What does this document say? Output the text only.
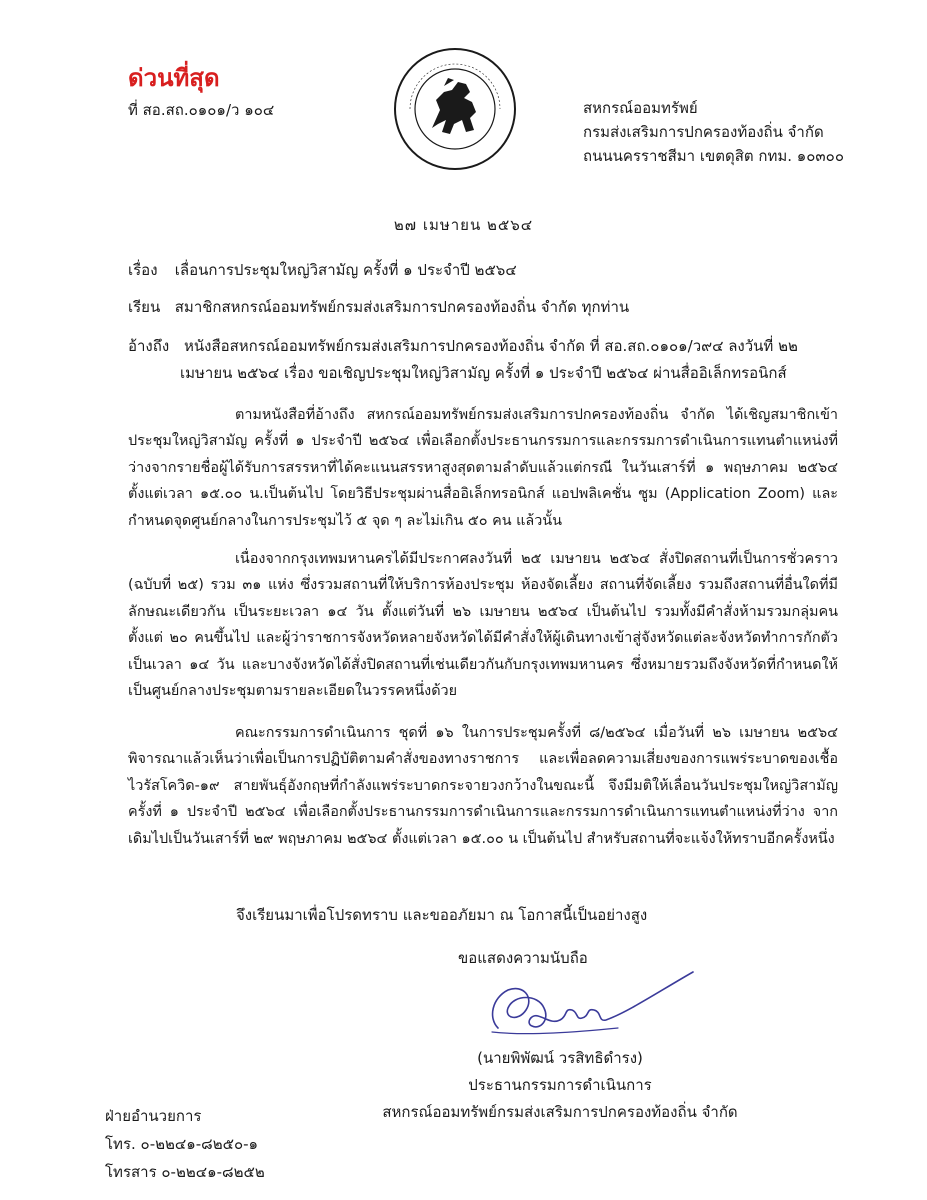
ด่วนที่สุด
ที่ สอ.สถ.๐๑๐๑/ว ๑๐๔	สหกรณ์ออมทรัพย์
กรมส่งเสริมการปกครองท้องถิ่น จำกัด
ถนนนครราชสีมา เขตดุสิต กทม. ๑๐๓๐๐
๒๗ เมษายน ๒๕๖๔
เรื่อง เลื่อนการประชุมใหญ่วิสามัญ ครั้งที่ ๑ ประจำปี ๒๕๖๔
เรียน สมาชิกสหกรณ์ออมทรัพย์กรมส่งเสริมการปกครองท้องถิ่น จำกัด ทุกท่าน
อ้างถึง หนังสือสหกรณ์ออมทรัพย์กรมส่งเสริมการปกครองท้องถิ่น จำกัด ที่ สอ.สถ.๐๑๐๑/ว๙๔ ลงวันที่ ๒๒
เมษายน ๒๕๖๔ เรื่อง ขอเชิญประชุมใหญ่วิสามัญ ครั้งที่ ๑ ประจำปี ๒๕๖๔ ผ่านสื่ออิเล็กทรอนิกส์

ตามหนังสือที่อ้างถึง สหกรณ์ออมทรัพย์กรมส่งเสริมการปกครองท้องถิ่น จำกัด ได้เชิญสมาชิกเข้าประชุมใหญ่วิสามัญ ครั้งที่ ๑ ประจำปี ๒๕๖๔ เพื่อเลือกตั้งประธานกรรมการและกรรมการดำเนินการแทนตำแหน่งที่ว่างจากรายชื่อผู้ได้รับการสรรหาที่ได้คะแนนสรรหาสูงสุดตามลำดับแล้วแต่กรณี ในวันเสาร์ที่ ๑ พฤษภาคม ๒๕๖๔ ตั้งแต่เวลา ๑๕.๐๐ น.เป็นต้นไป โดยวิธีประชุมผ่านสื่ออิเล็กทรอนิกส์ แอปพลิเคชั่น ซูม (Application Zoom) และกำหนดจุดศูนย์กลางในการประชุมไว้ ๕ จุด ๆ ละไม่เกิน ๕๐ คน แล้วนั้น

เนื่องจากกรุงเทพมหานครได้มีประกาศลงวันที่ ๒๕ เมษายน ๒๕๖๔ สั่งปิดสถานที่เป็นการชั่วคราว (ฉบับที่ ๒๕) รวม ๓๑ แห่ง ซึ่งรวมสถานที่ให้บริการห้องประชุม ห้องจัดเลี้ยง สถานที่จัดเลี้ยง รวมถึงสถานที่อื่นใดที่มีลักษณะเดียวกัน เป็นระยะเวลา ๑๔ วัน ตั้งแต่วันที่ ๒๖ เมษายน ๒๕๖๔ เป็นต้นไป รวมทั้งมีคำสั่งห้ามรวมกลุ่มคนตั้งแต่ ๒๐ คนขึ้นไป และผู้ว่าราชการจังหวัดหลายจังหวัดได้มีคำสั่งให้ผู้เดินทางเข้าสู่จังหวัดแต่ละจังหวัดทำการกักตัวเป็นเวลา ๑๔ วัน และบางจังหวัดได้สั่งปิดสถานที่เช่นเดียวกันกับกรุงเทพมหานคร ซึ่งหมายรวมถึงจังหวัดที่กำหนดให้เป็นศูนย์กลางประชุมตามรายละเอียดในวรรคหนึ่งด้วย

คณะกรรมการดำเนินการ ชุดที่ ๑๖ ในการประชุมครั้งที่ ๘/๒๕๖๔ เมื่อวันที่ ๒๖ เมษายน ๒๕๖๔ พิจารณาแล้วเห็นว่าเพื่อเป็นการปฏิบัติตามคำสั่งของทางราชการ และเพื่อลดความเสี่ยงของการแพร่ระบาดของเชื้อไวรัสโควิด-๑๙ สายพันธุ์อังกฤษที่กำลังแพร่ระบาดกระจายวงกว้างในขณะนี้ จึงมีมติให้เลื่อนวันประชุมใหญ่วิสามัญ ครั้งที่ ๑ ประจำปี ๒๕๖๔ เพื่อเลือกตั้งประธานกรรมการดำเนินการและกรรมการดำเนินการแทนตำแหน่งที่ว่าง จากเดิมไปเป็นวันเสาร์ที่ ๒๙ พฤษภาคม ๒๕๖๔ ตั้งแต่เวลา ๑๕.๐๐ น เป็นต้นไป สำหรับสถานที่จะแจ้งให้ทราบอีกครั้งหนึ่ง

จึงเรียนมาเพื่อโปรดทราบ และขออภัยมา ณ โอกาสนี้เป็นอย่างสูง
ขอแสดงความนับถือ
(นายพิพัฒน์ วรสิทธิดำรง)
ประธานกรรมการดำเนินการ
สหกรณ์ออมทรัพย์กรมส่งเสริมการปกครองท้องถิ่น จำกัด
ฝ่ายอำนวยการ
โทร. ๐-๒๒๔๑-๘๒๕๐-๑
โทรสาร ๐-๒๒๔๑-๘๒๕๒
